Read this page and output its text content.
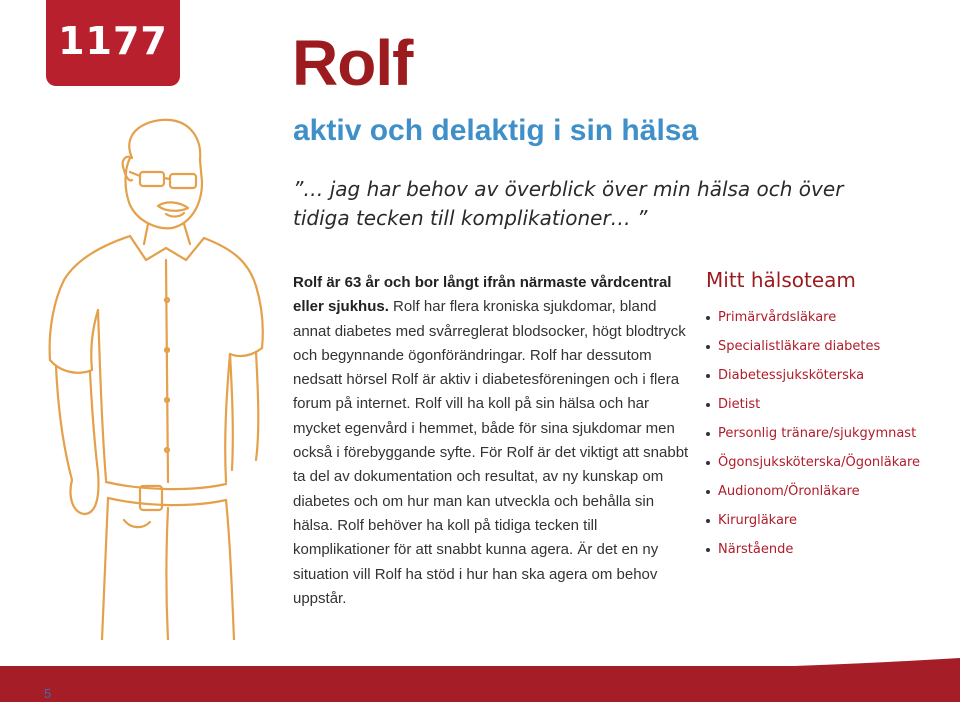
1177 Rolf
aktiv och delaktig i sin hälsa

”… jag har behov av överblick över min hälsa och över tidiga tecken till komplikationer… ”

Rolf är 63 år och bor långt ifrån närmaste vårdcentral eller sjukhus. Rolf har flera kroniska sjukdomar, bland annat diabetes med svårreglerat blodsocker, högt blodtryck och begynnande ögonförändringar. Rolf har dessutom nedsatt hörsel Rolf är aktiv i diabetesföreningen och i flera forum på internet. Rolf vill ha koll på sin hälsa och har mycket egenvård i hemmet, både för sina sjukdomar men också i förebyggande syfte. För Rolf är det viktigt att snabbt ta del av dokumentation och resultat, av ny kunskap om diabetes och om hur man kan utveckla och behålla sin hälsa. Rolf behöver ha koll på tidiga tecken till komplikationer för att snabbt kunna agera. Är det en ny situation vill Rolf ha stöd i hur han ska agera om behov uppstår.

Mitt hälsoteam
Primärvårdsläkare
Specialistläkare diabetes
Diabetessjuksköterska
Dietist
Personlig tränare/sjukgymnast
Ögonsjuksköterska/Ögonläkare
Audionom/Öronläkare
Kirurgläkare
Närstående
5
